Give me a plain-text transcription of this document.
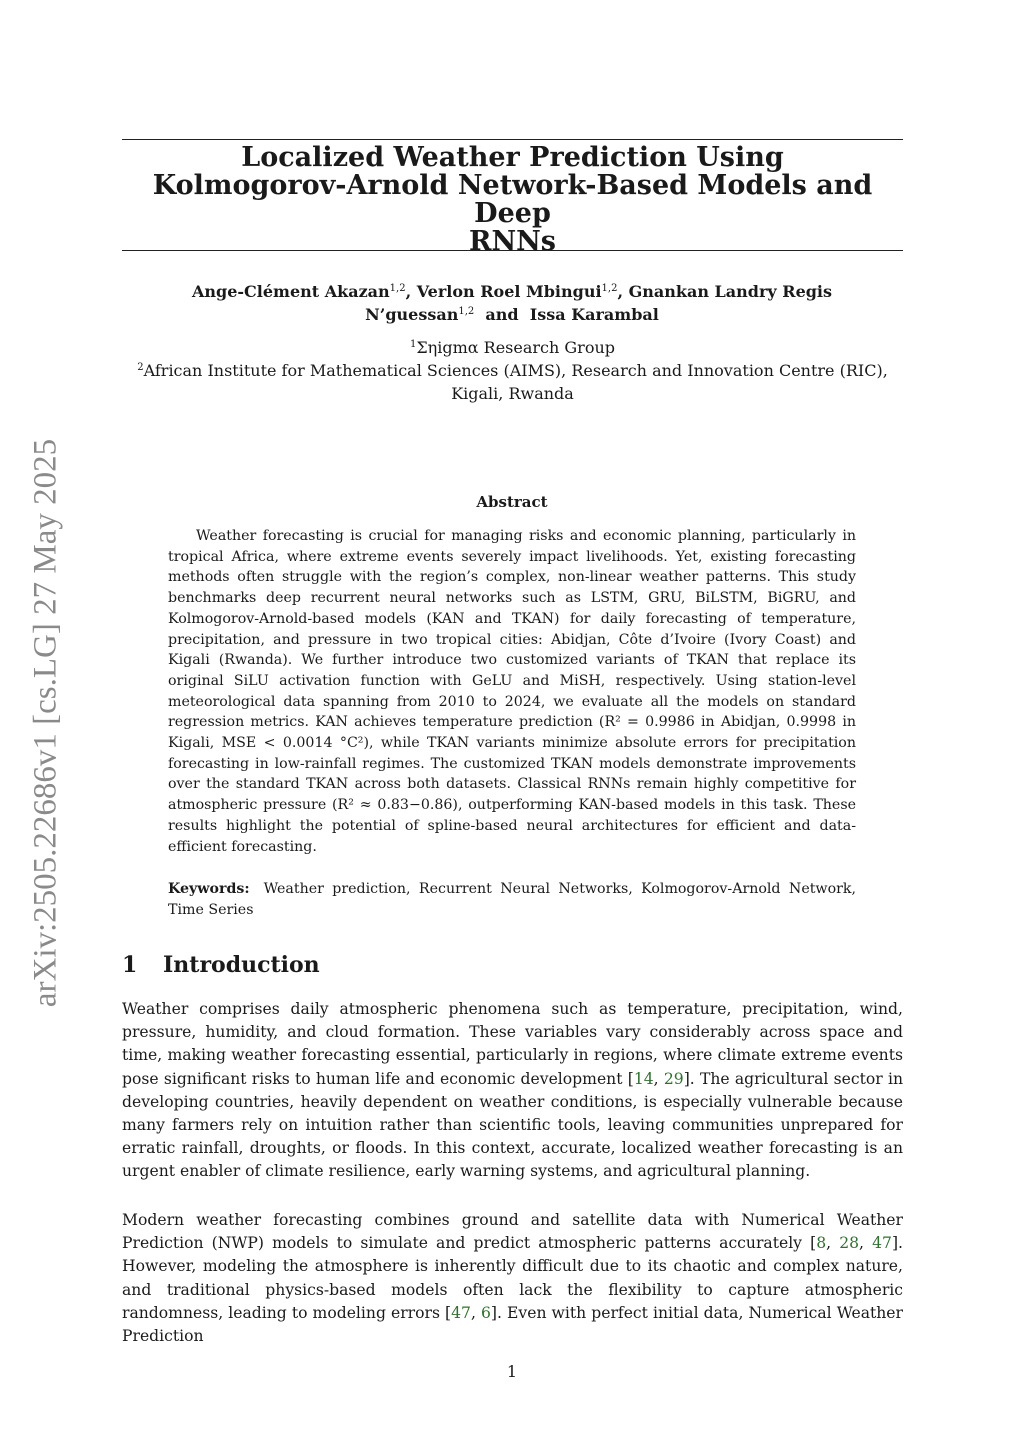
arXiv:2505.22686v1 [cs.LG] 27 May 2025
Localized Weather Prediction Using
Kolmogorov-Arnold Network-Based Models and Deep
RNNs
Ange-Clément Akazan$^{1,2}$, Verlon Roel Mbingui$^{1,2}$, Gnankan Landry Regis N’guessan$^{1,2}$  and  Issa Karambal
$^1$Σηigmα Research Group
$^2$African Institute for Mathematical Sciences (AIMS), Research and Innovation Centre (RIC),
Kigali, Rwanda
Abstract
Weather forecasting is crucial for managing risks and economic planning, particularly in tropical Africa, where extreme events severely impact livelihoods. Yet, existing forecasting methods often struggle with the region’s complex, non-linear weather patterns. This study benchmarks deep recurrent neural networks such as LSTM, GRU, BiLSTM, BiGRU, and Kolmogorov-Arnold-based models (KAN and TKAN) for daily forecasting of temperature, precipitation, and pressure in two tropical cities: Abidjan, Côte d’Ivoire (Ivory Coast) and Kigali (Rwanda). We further introduce two customized variants of TKAN that replace its original SiLU activation function with GeLU and MiSH, respectively. Using station-level meteorological data spanning from 2010 to 2024, we evaluate all the models on standard regression metrics. KAN achieves temperature prediction (R² = 0.9986 in Abidjan, 0.9998 in Kigali, MSE < 0.0014 °C²), while TKAN variants minimize absolute errors for precipitation forecasting in low-rainfall regimes. The customized TKAN models demonstrate improvements over the standard TKAN across both datasets. Classical RNNs remain highly competitive for atmospheric pressure (R² ≈ 0.83−0.86), outperforming KAN-based models in this task. These results highlight the potential of spline-based neural architectures for efficient and data-efficient forecasting.
Keywords: Weather prediction, Recurrent Neural Networks, Kolmogorov-Arnold Network, Time Series
1 Introduction
Weather comprises daily atmospheric phenomena such as temperature, precipitation, wind, pressure, humidity, and cloud formation. These variables vary considerably across space and time, making weather forecasting essential, particularly in regions, where climate extreme events pose significant risks to human life and economic development [14, 29]. The agricultural sector in developing countries, heavily dependent on weather conditions, is especially vulnerable because many farmers rely on intuition rather than scientific tools, leaving communities unprepared for erratic rainfall, droughts, or floods. In this context, accurate, localized weather forecasting is an urgent enabler of climate resilience, early warning systems, and agricultural planning.
Modern weather forecasting combines ground and satellite data with Numerical Weather Prediction (NWP) models to simulate and predict atmospheric patterns accurately [8, 28, 47]. However, modeling the atmosphere is inherently difficult due to its chaotic and complex nature, and traditional physics-based models often lack the flexibility to capture atmospheric randomness, leading to modeling errors [47, 6]. Even with perfect initial data, Numerical Weather Prediction
1
